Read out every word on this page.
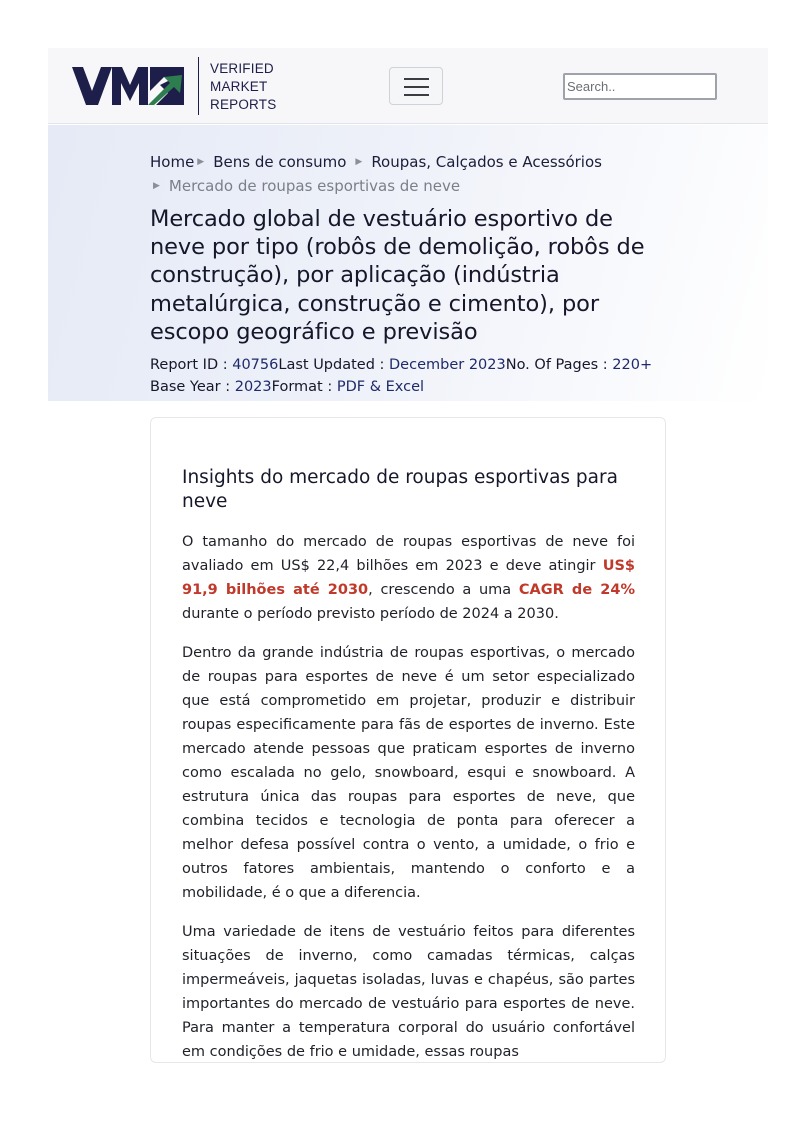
VERIFIED
MARKET
REPORTS
Search..
Home ▶ Bens de consumo ▶ Roupas, Calçados e Acessórios
▶ Mercado de roupas esportivas de neve
Mercado global de vestuário esportivo de neve por tipo (robôs de demolição, robôs de construção), por aplicação (indústria metalúrgica, construção e cimento), por escopo geográfico e previsão
Report ID : 40756Last Updated : December 2023No. Of Pages : 220+
Base Year : 2023Format : PDF & Excel
Insights do mercado de roupas esportivas para neve

O tamanho do mercado de roupas esportivas de neve foi avaliado em US$ 22,4 bilhões em 2023 e deve atingir US$ 91,9 bilhões até 2030, crescendo a uma CAGR de 24% durante o período previsto período de 2024 a 2030.

Dentro da grande indústria de roupas esportivas, o mercado de roupas para esportes de neve é um setor especializado que está comprometido em projetar, produzir e distribuir roupas especificamente para fãs de esportes de inverno. Este mercado atende pessoas que praticam esportes de inverno como escalada no gelo, snowboard, esqui e snowboard. A estrutura única das roupas para esportes de neve, que combina tecidos e tecnologia de ponta para oferecer a melhor defesa possível contra o vento, a umidade, o frio e outros fatores ambientais, mantendo o conforto e a mobilidade, é o que a diferencia.

Uma variedade de itens de vestuário feitos para diferentes situações de inverno, como camadas térmicas, calças impermeáveis, jaquetas isoladas, luvas e chapéus, são partes importantes do mercado de vestuário para esportes de neve. Para manter a temperatura corporal do usuário confortável em condições de frio e umidade, essas roupas
